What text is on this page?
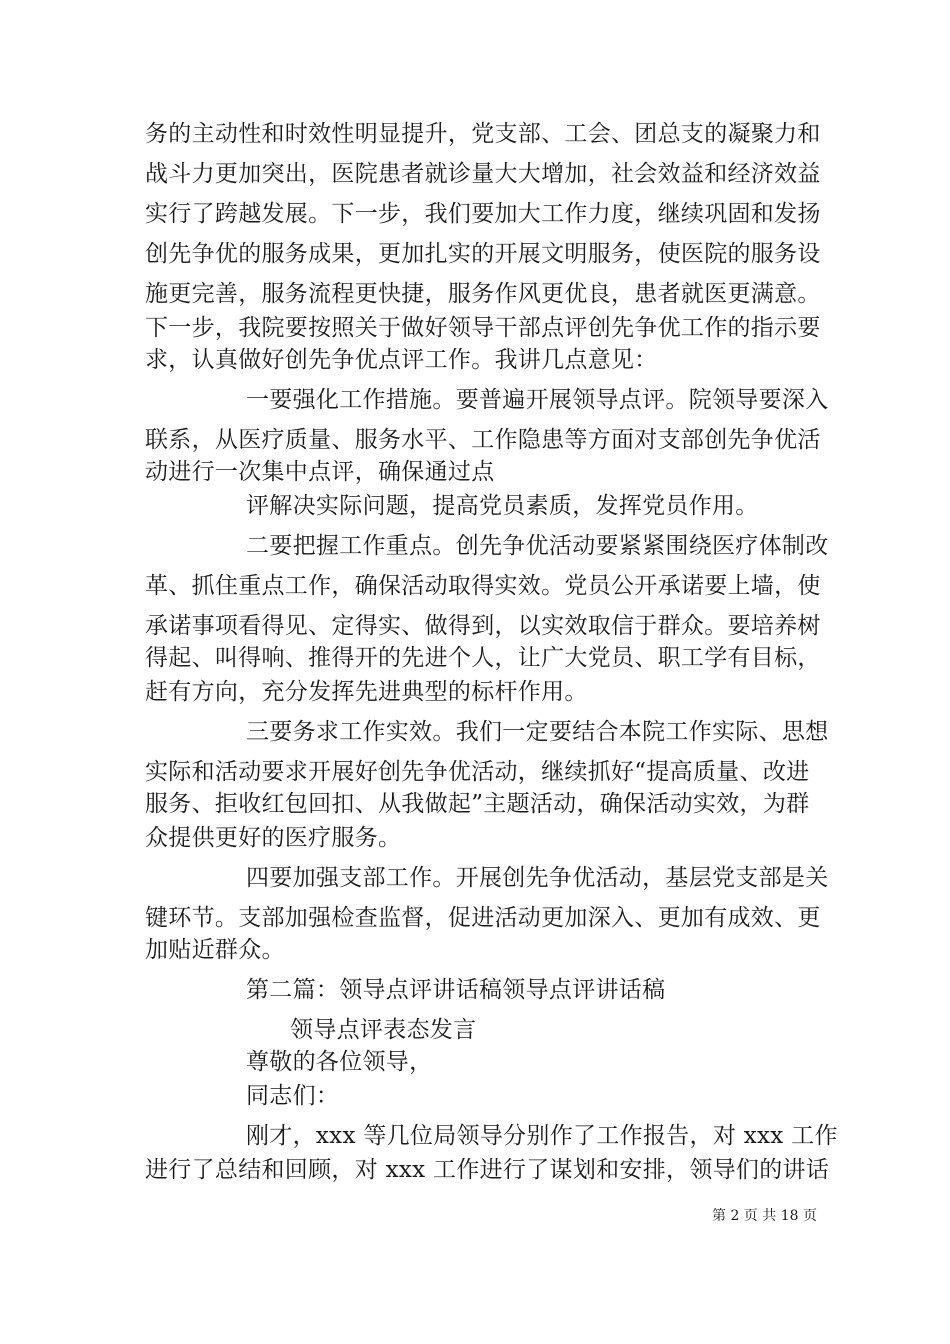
务的主动性和时效性明显提升，党支部、工会、团总支的凝聚力和
战斗力更加突出，医院患者就诊量大大增加，社会效益和经济效益
实行了跨越发展。下一步，我们要加大工作力度，继续巩固和发扬
创先争优的服务成果，更加扎实的开展文明服务，使医院的服务设
施更完善，服务流程更快捷，服务作风更优良，患者就医更满意。
下一步，我院要按照关于做好领导干部点评创先争优工作的指示要
求，认真做好创先争优点评工作。我讲几点意见：
一要强化工作措施。要普遍开展领导点评。院领导要深入
联系，从医疗质量、服务水平、工作隐患等方面对支部创先争优活
动进行一次集中点评，确保通过点
评解决实际问题，提高党员素质，发挥党员作用。
二要把握工作重点。创先争优活动要紧紧围绕医疗体制改
革、抓住重点工作，确保活动取得实效。党员公开承诺要上墙，使
承诺事项看得见、定得实、做得到，以实效取信于群众。要培养树
得起、叫得响、推得开的先进个人，让广大党员、职工学有目标，
赶有方向，充分发挥先进典型的标杆作用。
三要务求工作实效。我们一定要结合本院工作实际、思想
实际和活动要求开展好创先争优活动，继续抓好“提高质量、改进
服务、拒收红包回扣、从我做起”主题活动，确保活动实效，为群
众提供更好的医疗服务。
四要加强支部工作。开展创先争优活动，基层党支部是关
键环节。支部加强检查监督，促进活动更加深入、更加有成效、更
加贴近群众。
第二篇：领导点评讲话稿领导点评讲话稿
领导点评表态发言
尊敬的各位领导，
同志们：
刚才，xxx 等几位局领导分别作了工作报告，对 xxx 工作
进行了总结和回顾，对 xxx 工作进行了谋划和安排，领导们的讲话
第 2 页 共 18 页
